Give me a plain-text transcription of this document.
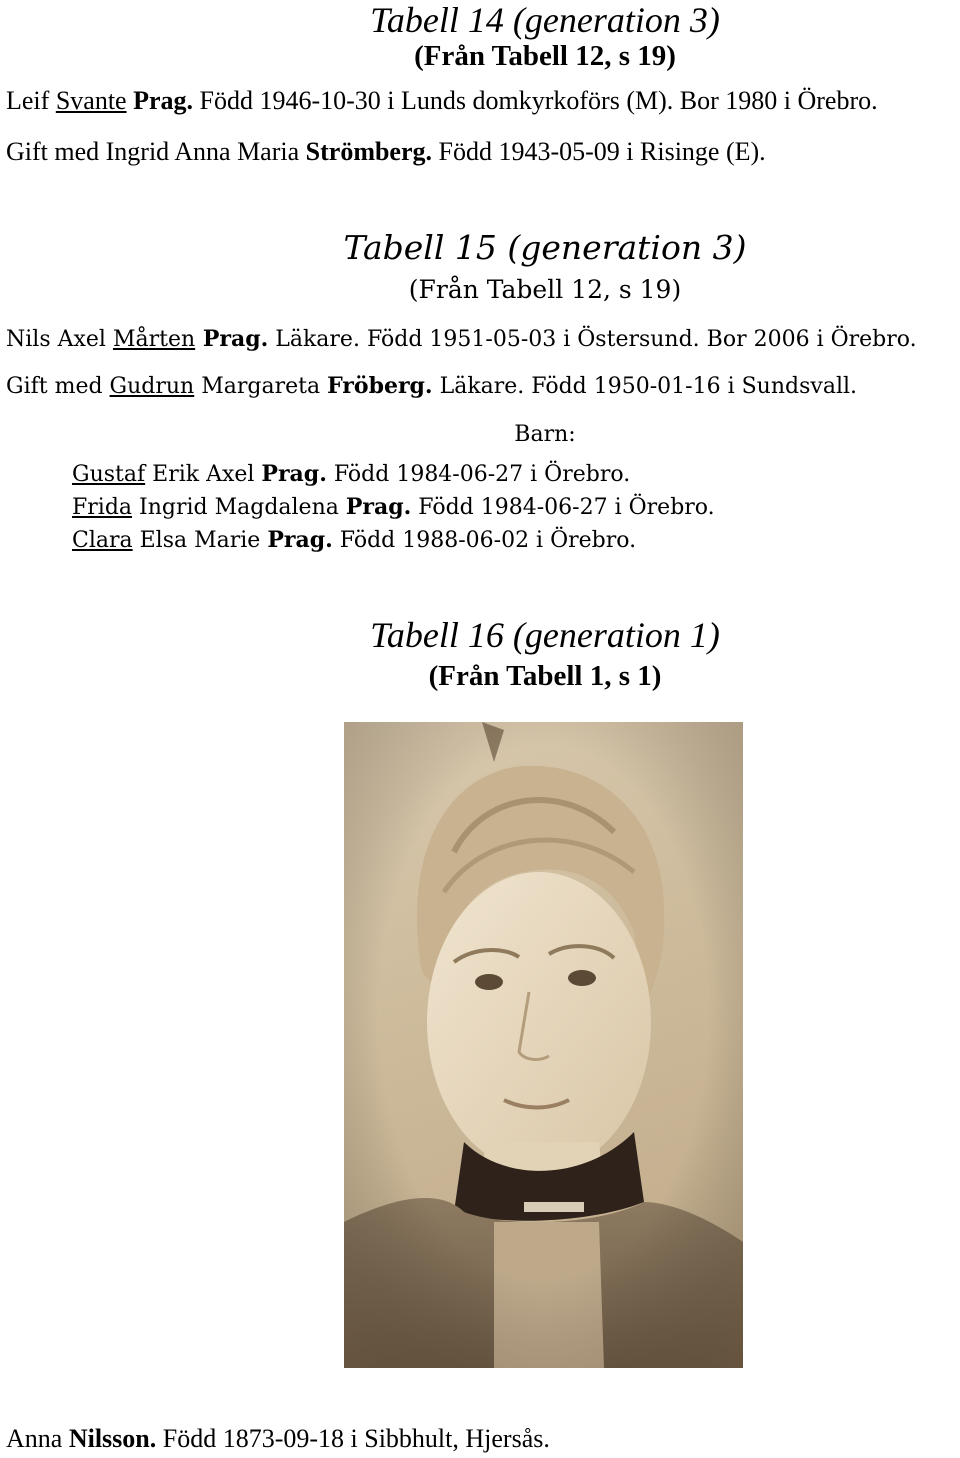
Tabell 14 (generation 3)
(Från Tabell 12, s 19)
Leif Svante Prag. Född 1946-10-30 i Lunds domkyrkoförs (M). Bor 1980 i Örebro.
Gift med Ingrid Anna Maria Strömberg. Född 1943-05-09 i Risinge (E).
Tabell 15 (generation 3)
(Från Tabell 12, s 19)
Nils Axel Mårten Prag. Läkare. Född 1951-05-03 i Östersund. Bor 2006 i Örebro.
Gift med Gudrun Margareta Fröberg. Läkare. Född 1950-01-16 i Sundsvall.
Barn:
Gustaf Erik Axel Prag. Född 1984-06-27 i Örebro.
Frida Ingrid Magdalena Prag. Född 1984-06-27 i Örebro.
Clara Elsa Marie Prag. Född 1988-06-02 i Örebro.
Tabell 16 (generation 1)
(Från Tabell 1, s 1)
Anna Nilsson. Född 1873-09-18 i Sibbhult, Hjersås.
